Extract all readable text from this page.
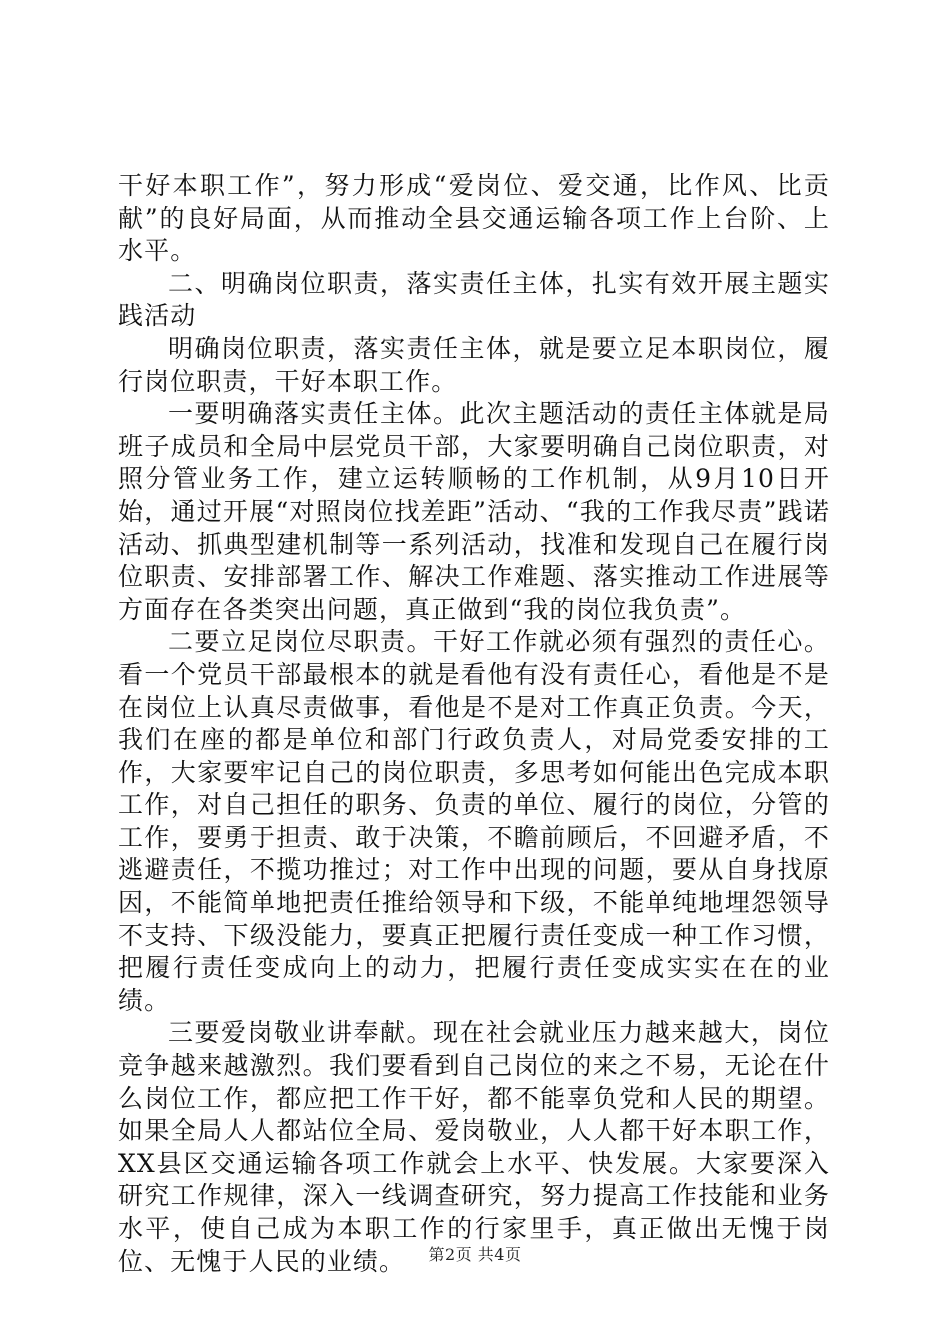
干好本职工作”，努力形成“爱岗位、爱交通，比作风、比贡献”的良好局面，从而推动全县交通运输各项工作上台阶、上水平。

二、明确岗位职责，落实责任主体，扎实有效开展主题实践活动

明确岗位职责，落实责任主体，就是要立足本职岗位，履行岗位职责，干好本职工作。

一要明确落实责任主体。此次主题活动的责任主体就是局班子成员和全局中层党员干部，大家要明确自己岗位职责，对照分管业务工作，建立运转顺畅的工作机制，从9月10日开始，通过开展“对照岗位找差距”活动、“我的工作我尽责”践诺活动、抓典型建机制等一系列活动，找准和发现自己在履行岗位职责、安排部署工作、解决工作难题、落实推动工作进展等方面存在各类突出问题，真正做到“我的岗位我负责”。

二要立足岗位尽职责。干好工作就必须有强烈的责任心。看一个党员干部最根本的就是看他有没有责任心，看他是不是在岗位上认真尽责做事，看他是不是对工作真正负责。今天，我们在座的都是单位和部门行政负责人，对局党委安排的工作，大家要牢记自己的岗位职责，多思考如何能出色完成本职工作，对自己担任的职务、负责的单位、履行的岗位，分管的工作，要勇于担责、敢于决策，不瞻前顾后，不回避矛盾，不逃避责任，不揽功推过；对工作中出现的问题，要从自身找原因，不能简单地把责任推给领导和下级，不能单纯地埋怨领导不支持、下级没能力，要真正把履行责任变成一种工作习惯，把履行责任变成向上的动力，把履行责任变成实实在在的业绩。

三要爱岗敬业讲奉献。现在社会就业压力越来越大，岗位竞争越来越激烈。我们要看到自己岗位的来之不易，无论在什么岗位工作，都应把工作干好，都不能辜负党和人民的期望。如果全局人人都站位全局、爱岗敬业，人人都干好本职工作，XX县区交通运输各项工作就会上水平、快发展。大家要深入研究工作规律，深入一线调查研究，努力提高工作技能和业务水平，使自己成为本职工作的行家里手，真正做出无愧于岗位、无愧于人民的业绩。	第2页 共4页
